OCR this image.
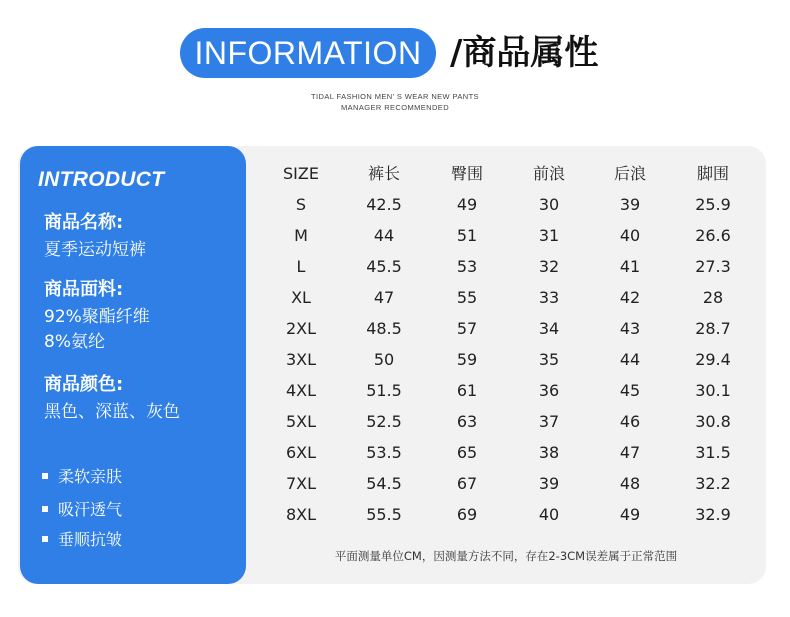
INFORMATION /商品属性
TIDAL FASHION MEN’ S WEAR NEW PANTS
MANAGER RECOMMENDED
INTRODUCT
商品名称:
夏季运动短裤
商品面料:
92%聚酯纤维
8%氨纶
商品颜色:
黑色、深蓝、灰色
柔软亲肤
吸汗透气
垂顺抗皱
SIZE	裤长	臀围	前浪	后浪	脚围
S	42.5	49	30	39	25.9
M	44	51	31	40	26.6
L	45.5	53	32	41	27.3
XL	47	55	33	42	28
2XL	48.5	57	34	43	28.7
3XL	50	59	35	44	29.4
4XL	51.5	61	36	45	30.1
5XL	52.5	63	37	46	30.8
6XL	53.5	65	38	47	31.5
7XL	54.5	67	39	48	32.2
8XL	55.5	69	40	49	32.9
平面测量单位CM，因测量方法不同，存在2-3CM误差属于正常范围
